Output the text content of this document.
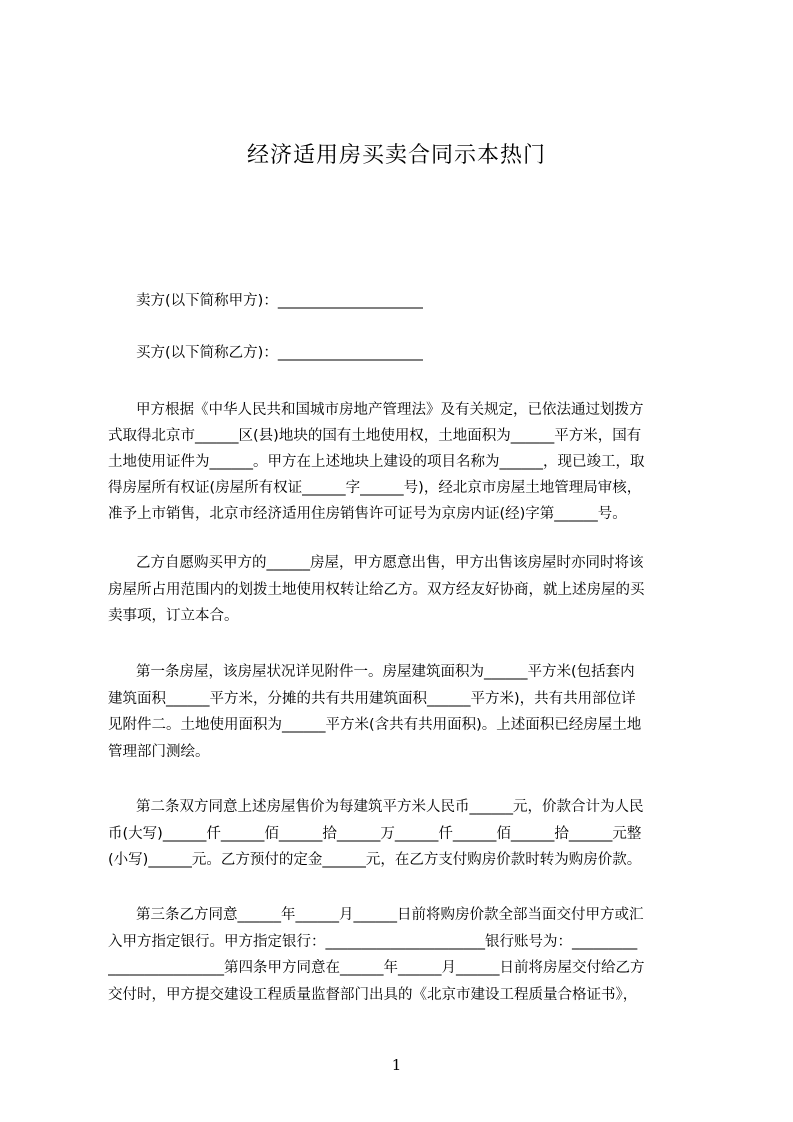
经济适用房买卖合同示本热门
卖方(以下简称甲方)：____________________
买方(以下简称乙方)：____________________
甲方根据《中华人民共和国城市房地产管理法》及有关规定，已依法通过划拨方
式取得北京市______区(县)地块的国有土地使用权，土地面积为______平方米，国有
土地使用证件为______。甲方在上述地块上建设的项目名称为______，现已竣工，取
得房屋所有权证(房屋所有权证______字______号)，经北京市房屋土地管理局审核，
准予上市销售，北京市经济适用住房销售许可证号为京房内证(经)字第______号。
乙方自愿购买甲方的______房屋，甲方愿意出售，甲方出售该房屋时亦同时将该
房屋所占用范围内的划拨土地使用权转让给乙方。双方经友好协商，就上述房屋的买
卖事项，订立本合。
第一条房屋，该房屋状况详见附件一。房屋建筑面积为______平方米(包括套内
建筑面积______平方米，分摊的共有共用建筑面积______平方米)，共有共用部位详
见附件二。土地使用面积为______平方米(含共有共用面积)。上述面积已经房屋土地
管理部门测绘。
第二条双方同意上述房屋售价为每建筑平方米人民币______元，价款合计为人民
币(大写)______仟______佰______拾______万______仟______佰______拾______元整
(小写)______元。乙方预付的定金______元，在乙方支付购房价款时转为购房价款。
第三条乙方同意______年______月______日前将购房价款全部当面交付甲方或汇
入甲方指定银行。甲方指定银行：______________________银行账号为：_________
________________第四条甲方同意在______年______月______日前将房屋交付给乙方
交付时，甲方提交建设工程质量监督部门出具的《北京市建设工程质量合格证书》，
1
